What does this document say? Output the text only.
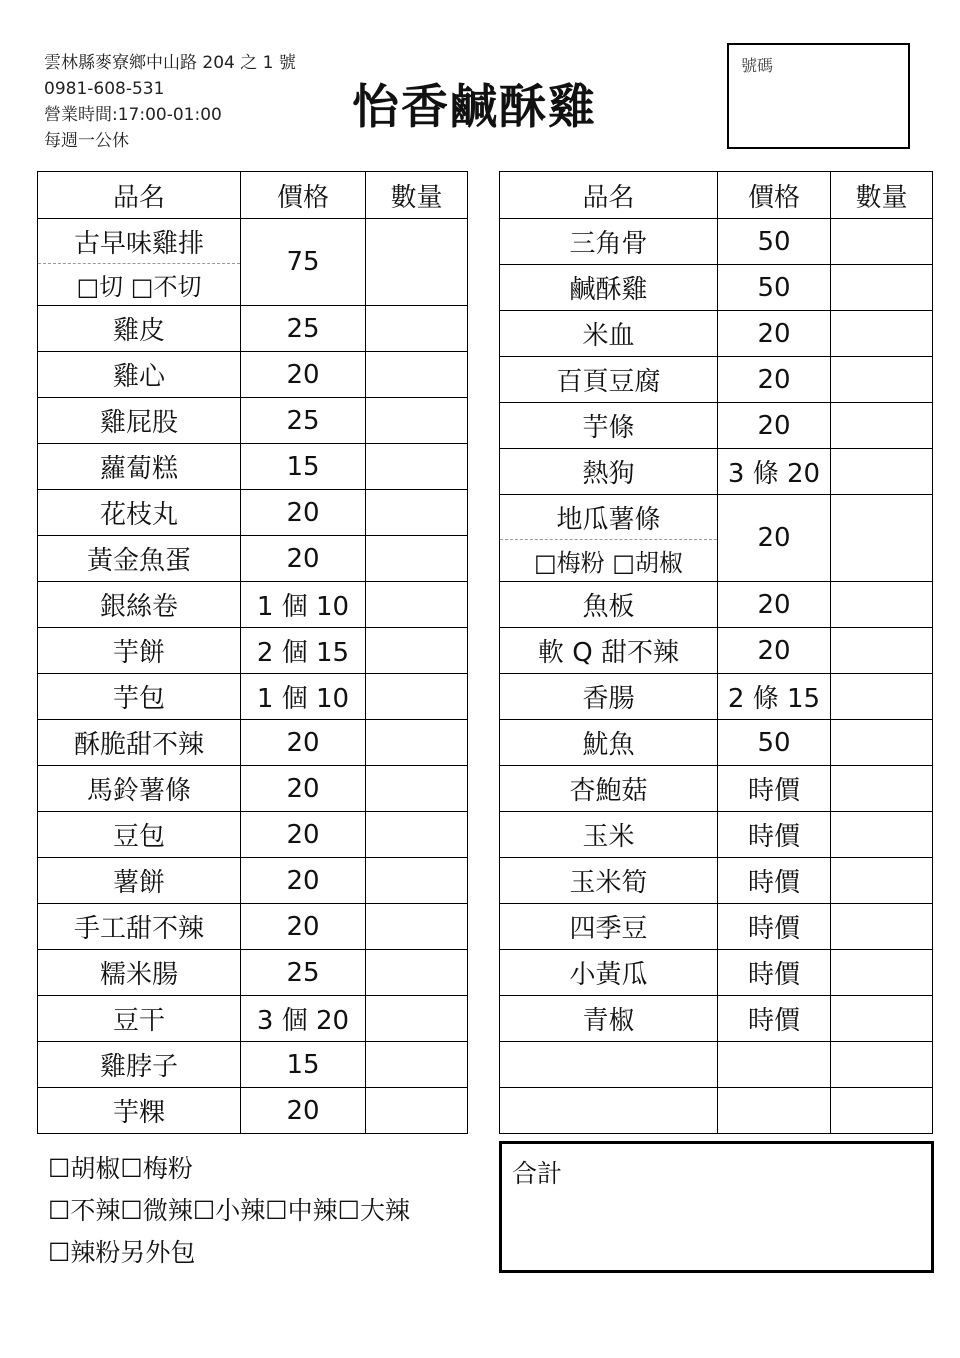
雲林縣麥寮鄉中山路 204 之 1 號
0981-608-531
營業時間:17:00-01:00
每週一公休
怡香鹹酥雞
號碼
品名	價格	數量
古早味雞排	75	
□切 □不切		
雞皮	25	
雞心	20	
雞屁股	25	
蘿蔔糕	15	
花枝丸	20	
黃金魚蛋	20	
銀絲卷	1 個 10	
芋餅	2 個 15	
芋包	1 個 10	
酥脆甜不辣	20	
馬鈴薯條	20	
豆包	20	
薯餅	20	
手工甜不辣	20	
糯米腸	25	
豆干	3 個 20	
雞脖子	15	
芋粿	20	
品名	價格	數量
三角骨	50	
鹹酥雞	50	
米血	20	
百頁豆腐	20	
芋條	20	
熱狗	3 條 20	
地瓜薯條	20	
□梅粉 □胡椒		
魚板	20	
軟 Q 甜不辣	20	
香腸	2 條 15	
魷魚	50	
杏鮑菇	時價	
玉米	時價	
玉米筍	時價	
四季豆	時價	
小黃瓜	時價	
青椒	時價	

☐胡椒☐梅粉
☐不辣☐微辣☐小辣☐中辣☐大辣
☐辣粉另外包
合計
